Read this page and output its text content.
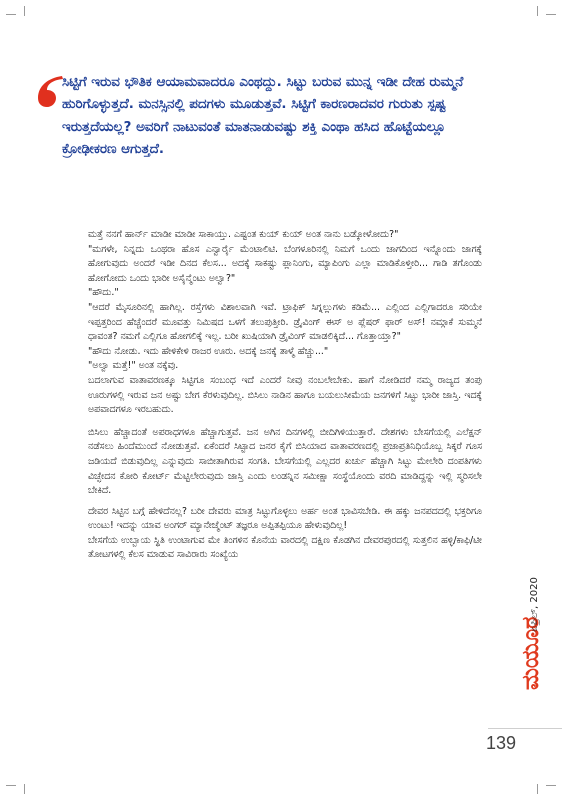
ಸಿಟ್ಟಿಗೆ ಇರುವ ಭೌತಿಕ ಆಯಾಮವಾದರೂ ಎಂಥದ್ದು. ಸಿಟ್ಟು ಬರುವ ಮುನ್ನ ಇಡೀ ದೇಹ ರುಮ್ಮನೆ ಹುರಿಗೊಳ್ಳುತ್ತದೆ. ಮನಸ್ಸಿನಲ್ಲಿ ಪದಗಳು ಮೂಡುತ್ತವೆ. ಸಿಟ್ಟಿಗೆ ಕಾರಣರಾದವರ ಗುರುತು ಸ್ಪಷ್ಟ ಇರುತ್ತದೆಯಲ್ಲ? ಅವರಿಗೆ ನಾಟುವಂತೆ ಮಾತನಾಡುವಷ್ಟು ಶಕ್ತಿ ಎಂಥಾ ಹಸಿದ ಹೊಟ್ಟೆಯಲ್ಲೂ ಕ್ರೋಢೀಕರಣ ಆಗುತ್ತದೆ.

ಮತ್ತೆ ನನಗೆ ಹಾರ್ನ್ ಮಾಡೀ ಮಾಡೀ ಸಾಕಾಯ್ತು. ಎಷ್ಟಂತ ಕುಯ್ ಕುಯ್ ಅಂತ ನಾನು ಬಡ್ಕೋಳೋದು?"

"ಮಗಳೇ, ನಿನ್ನದು ಒಂಥರಾ ಹೊಸ ಎನ್ವಾರ್ರೈ ಮೆಂಟಾಲಿಟಿ. ಬೆಂಗಳೂರಿನಲ್ಲಿ ನಿಮಗೆ ಒಂದು ಜಾಗದಿಂದ ಇನ್ನೊಂದು ಜಾಗಕ್ಕೆ ಹೋಗುವುದು ಅಂದರೆ ಇಡೀ ದಿನದ ಕೆಲಸ... ಅದಕ್ಕೆ ಸಾಕಷ್ಟು ಪ್ಲಾನಿಂಗು, ಮ್ಯಾಪಿಂಗು ಎಲ್ಲಾ ಮಾಡಿಕೊಳ್ತೀರಿ... ಗಾಡಿ ತಗೊಂಡು ಹೋಗೋದು ಒಂದು ಭಾರೀ ಅಸೈನ್ಮೆಂಟು ಅಲ್ವಾ?"

"ಹೌದು."

"ಆದರೆ ಮೈಸೂರಿನಲ್ಲಿ ಹಾಗಿಲ್ಲ. ರಸ್ತೆಗಳು ವಿಶಾಲವಾಗಿ ಇವೆ. ಟ್ರಾಫಿಕ್ ಸಿಗ್ನಲ್ಲುಗಳು ಕಡಿಮೆ... ಎಲ್ಲಿಂದ ಎಲ್ಲಿಗಾದರೂ ಸರಿಯೇ ಇಪ್ಪತ್ತರಿಂದ ಹೆಚ್ಚೆಂದರೆ ಮೂವತ್ತು ನಿಮಿಷದ ಒಳಗೆ ತಲುಪುತ್ತೀರಿ. ಡ್ರೈವಿಂಗ್ ಈಸ್ ಅ ಪ್ಲೆಷರ್ ಫಾರ್ ಅಸ್! ನಮ್ಗಾಕೆ ಸುಮ್ಮನೆ ಧಾವಂತ? ನಮಗೆ ಎಲ್ಲಿಗೂ ಹೋಗಲಿಕ್ಕೆ ಇಲ್ಲ. ಬರೀ ಖುಷಿಯಾಗಿ ಡ್ರೈವಿಂಗ್ ಮಾಡಲಿಕ್ಕಿದೆ... ಗೊತ್ತಾಯ್ತಾ?"

"ಹೌದು ನೋಡು. ಇದು ಹೇಳಿಕೇಳಿ ರಾಜರ ಊರು. ಅದಕ್ಕೆ ಜನಕ್ಕೆ ತಾಳ್ಮೆ ಹೆಚ್ಚು..."

"ಅಲ್ವಾ ಮತ್ತೆ!" ಅಂತ ನಕ್ಕೆವು.

ಬದಲಾಗುವ ವಾತಾವರಣಕ್ಕೂ ಸಿಟ್ಟಿಗೂ ಸಂಬಂಧ ಇದೆ ಎಂದರೆ ನೀವು ನಂಬಲೇಬೇಕು. ಹಾಗೆ ನೋಡಿದರೆ ನಮ್ಮ ರಾಜ್ಯದ ತಂಪು ಊರುಗಳಲ್ಲಿ ಇರುವ ಜನ ಅಷ್ಟು ಬೇಗ ಕೆರಳುವುದಿಲ್ಲ. ಬಿಸಿಲು ನಾಡಿನ ಹಾಗೂ ಬಯಲುಸೀಮೆಯ ಜನಗಳಿಗೆ ಸಿಟ್ಟು ಭಾರೀ ಜಾಸ್ತಿ. ಇದಕ್ಕೆ ಅಪವಾದಗಳೂ ಇರಬಹುದು.

ಬಿಸಿಲು ಹೆಚ್ಚಾದಂತೆ ಅಪರಾಧಗಳೂ ಹೆಚ್ಚಾಗುತ್ತವೆ. ಜನ ಅಗಿನ ದಿನಗಳಲ್ಲಿ ಬೀದಿಗಿಳಿಯುತ್ತಾರೆ. ದೇಶಗಳು ಬೇಸಗೆಯಲ್ಲಿ ಎಲೆಕ್ಷನ್ ನಡೆಸಲು ಹಿಂದೆಮುಂದೆ ನೋಡುತ್ತವೆ. ಏಕೆಂದರೆ ಸಿಟ್ಟಾದ ಜನರ ಕೈಗೆ ಬಿಸಿಯಾದ ವಾತಾವರಣದಲ್ಲಿ ಪ್ರಜಾಪ್ರತಿನಿಧಿಯೊಬ್ಬ ಸಿಕ್ಕರೆ ಗೂಸ ಜಡಿಯದೆ ಬಿಡುವುದಿಲ್ಲ ಎನ್ನುವುದು ಸಾಬೀತಾಗಿರುವ ಸಂಗತಿ. ಬೇಸಗೆಯಲ್ಲಿ ಎಲ್ಲದರ ಖರ್ಚು ಹೆಚ್ಚಾಗಿ ಸಿಟ್ಟು ಮೇಲೇರಿ ದಂಪತಿಗಳು ವಿಚ್ಛೇದನ ಕೋರಿ ಕೋರ್ಟ್ ಮೆಟ್ಟಿಲೇರುವುದು ಜಾಸ್ತಿ ಎಂದು ಲಂಡನ್ನಿನ ಸಮೀಕ್ಷಾ ಸಂಸ್ಥೆಯೊಂದು ವರದಿ ಮಾಡಿದ್ದನ್ನು ಇಲ್ಲಿ ಸ್ಮರಿಸಲೇ ಬೇಕಿದೆ.

ದೇವರ ಸಿಟ್ಟಿನ ಬಗ್ಗೆ ಹೇಳಿದೆನಲ್ಲ? ಬರೀ ದೇವರು ಮಾತ್ರ ಸಿಟ್ಟುಗೊಳ್ಳಲು ಅರ್ಹ ಅಂತ ಭಾವಿಸಬೇಡಿ. ಈ ಹಕ್ಕು ಜನಪದದಲ್ಲಿ ಭಕ್ತರಿಗೂ ಉಂಟು! ಇದನ್ನು ಯಾವ ಅಂಗರ್ ಮ್ಯಾನೇಜ್ಮೆಂಟ್ ತಜ್ಞರೂ ಅಪ್ಪಿತಪ್ಪಿಯೂ ಹೇಳುವುದಿಲ್ಲ!

ಬೇಸಗೆಯ ಉಬ್ಬಾಯ ಸ್ಥಿತಿ ಉಂಟಾಗುವ ಮೇ ತಿಂಗಳಿನ ಕೊನೆಯ ವಾರದಲ್ಲಿ ದಕ್ಷಿಣ ಕೊಡಗಿನ ದೇವರಪುರದಲ್ಲಿ ಸುತ್ತಲಿನ ಹಳ್ಳಿ/ಕಾಫಿ/ಟೀ ತೋಟಗಳಲ್ಲಿ ಕೆಲಸ ಮಾಡುವ ಸಾವಿರಾರು ಸಂಖ್ಯೆಯ

ಮಯೂರ
ಏಪ್ರಿಲ್, 2020
139
